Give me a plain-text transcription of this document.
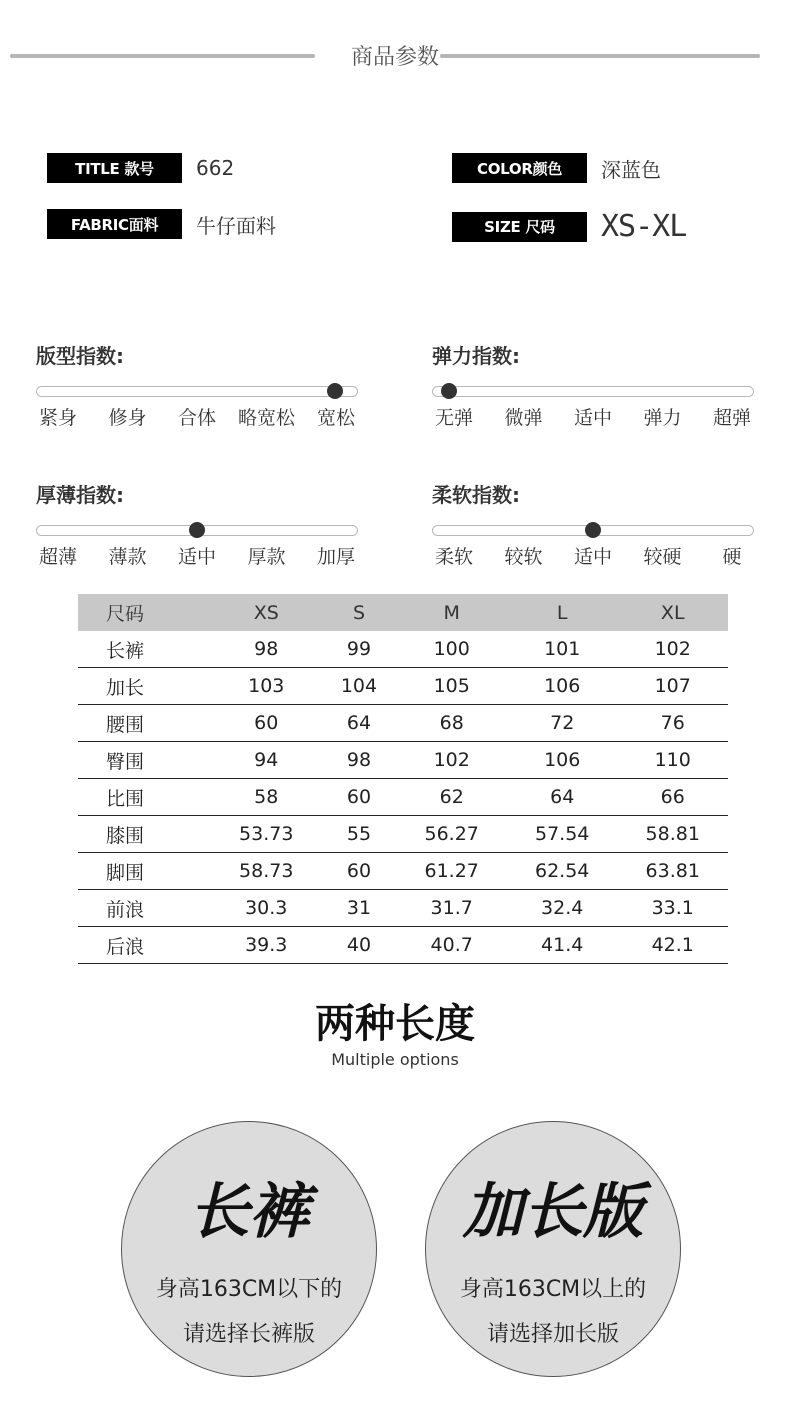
商品参数
TITLE 款号	662	COLOR颜色	深蓝色
FABRIC面料	牛仔面料	SIZE 尺码	XS-XL
版型指数:
紧身 修身 合体 略宽松 宽松
弹力指数:
无弹 微弹 适中 弹力 超弹
厚薄指数:
超薄 薄款 适中 厚款 加厚
柔软指数:
柔软 较软 适中 较硬 硬
尺码	XS	S	M	L	XL
长裤	98	99	100	101	102
加长	103	104	105	106	107
腰围	60	64	68	72	76
臀围	94	98	102	106	110
比围	58	60	62	64	66
膝围	53.73	55	56.27	57.54	58.81
脚围	58.73	60	61.27	62.54	63.81
前浪	30.3	31	31.7	32.4	33.1
后浪	39.3	40	40.7	41.4	42.1
两种长度
Multiple options
长裤
身高163CM以下的
请选择长裤版
加长版
身高163CM以上的
请选择加长版
